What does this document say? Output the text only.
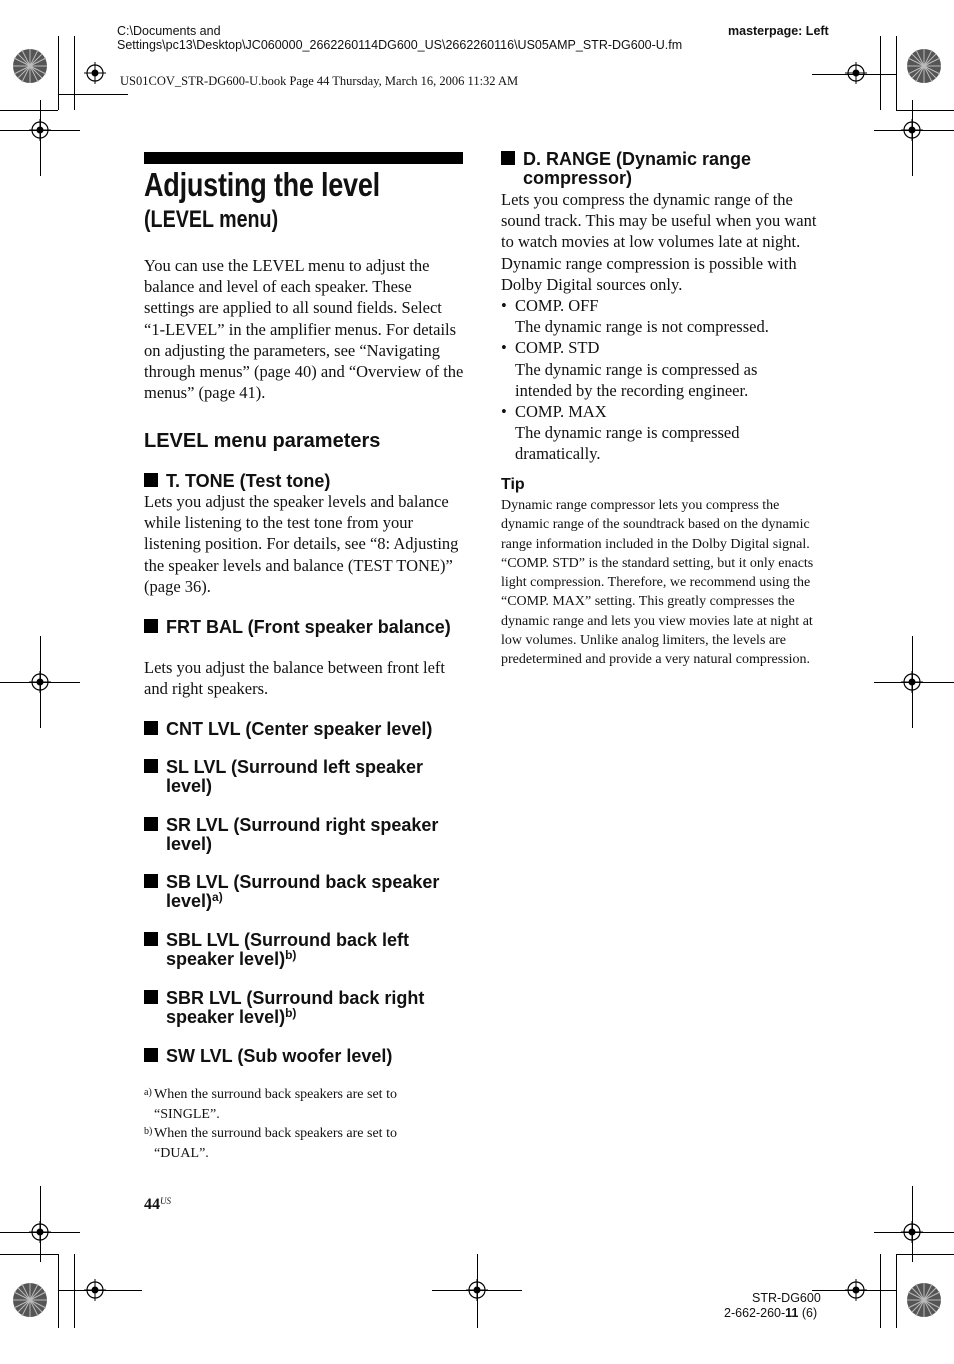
C:\Documents and Settings\pc13\Desktop\JC060000_2662260114DG600_US\2662260116\US05AMP_STR-DG600-U.fm
US01COV_STR-DG600-U.book Page 44 Thursday, March 16, 2006 11:32 AM
masterpage: Left
Adjusting the level
(LEVEL menu)
You can use the LEVEL menu to adjust the balance and level of each speaker. These settings are applied to all sound fields. Select “1-LEVEL” in the amplifier menus. For details on adjusting the parameters, see “Navigating through menus” (page 40) and “Overview of the menus” (page 41).
LEVEL menu parameters
T. TONE (Test tone)
Lets you adjust the speaker levels and balance while listening to the test tone from your listening position. For details, see “8: Adjusting the speaker levels and balance (TEST TONE)” (page 36).
FRT BAL (Front speaker balance)
Lets you adjust the balance between front left and right speakers.
CNT LVL (Center speaker level)
SL LVL (Surround left speaker level)
SR LVL (Surround right speaker level)
SB LVL (Surround back speaker level)$^{a)}$
SBL LVL (Surround back left speaker level)$^{b)}$
SBR LVL (Surround back right speaker level)$^{b)}$
SW LVL (Sub woofer level)
a) When the surround back speakers are set to “SINGLE”.
b) When the surround back speakers are set to “DUAL”.
$44^{US}$
D. RANGE (Dynamic range compressor)
Lets you compress the dynamic range of the sound track. This may be useful when you want to watch movies at low volumes late at night. Dynamic range compression is possible with Dolby Digital sources only.
• COMP. OFF
The dynamic range is not compressed.
• COMP. STD
The dynamic range is compressed as intended by the recording engineer.
• COMP. MAX
The dynamic range is compressed dramatically.
Tip
Dynamic range compressor lets you compress the dynamic range of the soundtrack based on the dynamic range information included in the Dolby Digital signal.
“COMP. STD” is the standard setting, but it only enacts light compression. Therefore, we recommend using the “COMP. MAX” setting. This greatly compresses the dynamic range and lets you view movies late at night at low volumes. Unlike analog limiters, the levels are predetermined and provide a very natural compression.
STR-DG600
2-662-260-11 (6)
